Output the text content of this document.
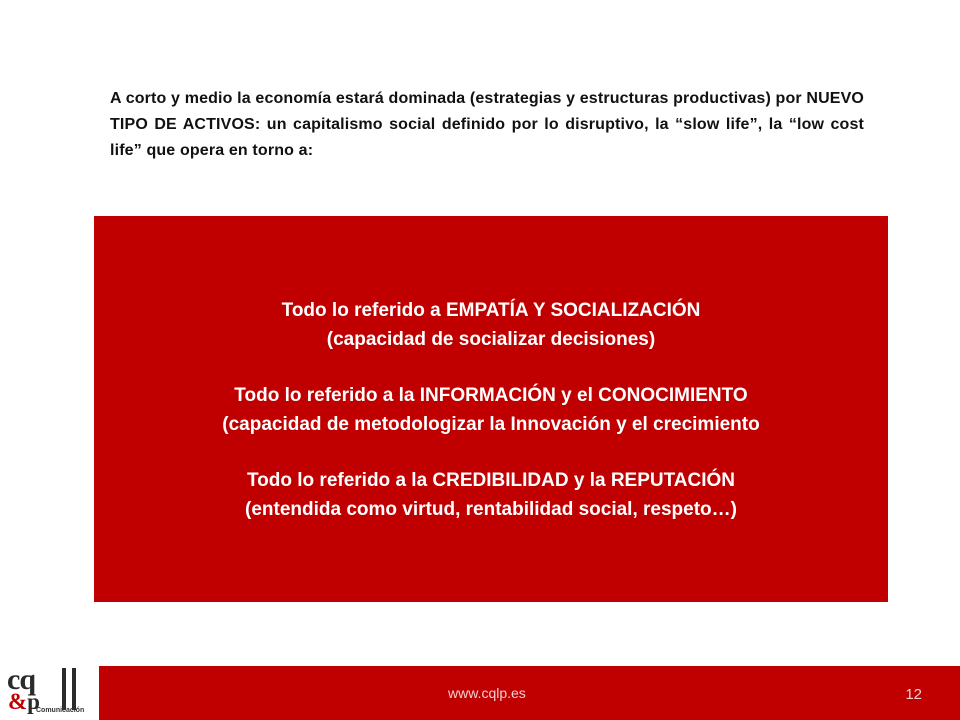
A corto y medio la economía estará dominada (estrategias y estructuras productivas) por NUEVO TIPO DE ACTIVOS: un capitalismo social definido por lo disruptivo, la “slow life”, la “low cost life” que opera en torno a:
Todo lo referido a EMPATÍA Y SOCIALIZACIÓN
(capacidad de socializar decisiones)
Todo lo referido a la INFORMACIÓN y el CONOCIMIENTO
(capacidad de metodologizar la Innovación y el crecimiento
Todo lo referido a la CREDIBILIDAD y la REPUTACIÓN
(entendida como virtud, rentabilidad social, respeto…)
cq
&p
Comunicación
www.cqlp.es	12
